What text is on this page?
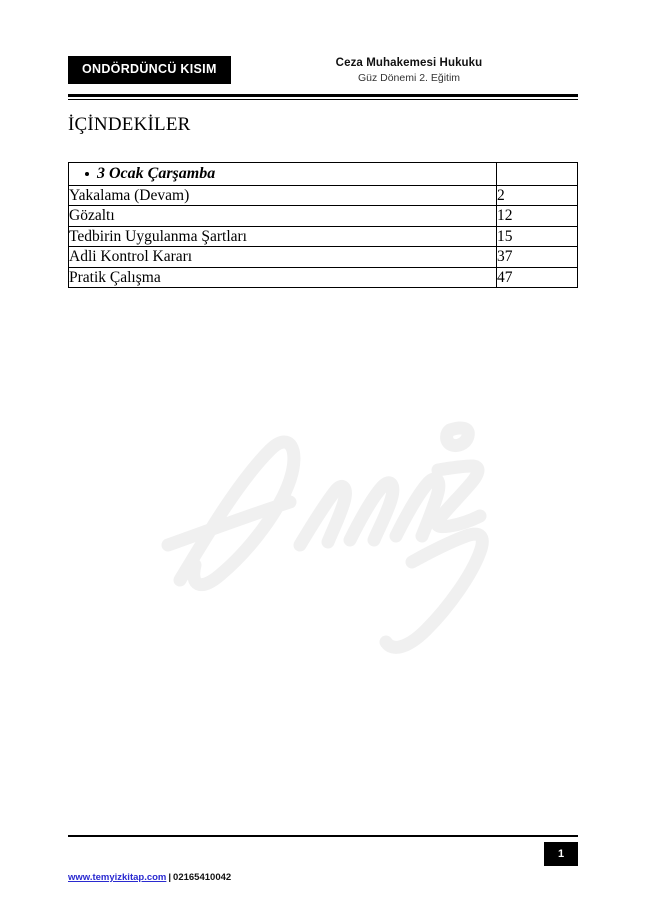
ONDÖRDÜNCÜ KISIM	Ceza Muhakemesi Hukuku
Güz Dönemi 2. Eğitim
İÇİNDEKİLER
3 Ocak Çarşamba	
Yakalama (Devam)	2
Gözaltı	12
Tedbirin Uygulanma Şartları	15
Adli Kontrol Kararı	37
Pratik Çalışma	47
1
www.temyizkitap.com | 02165410042
